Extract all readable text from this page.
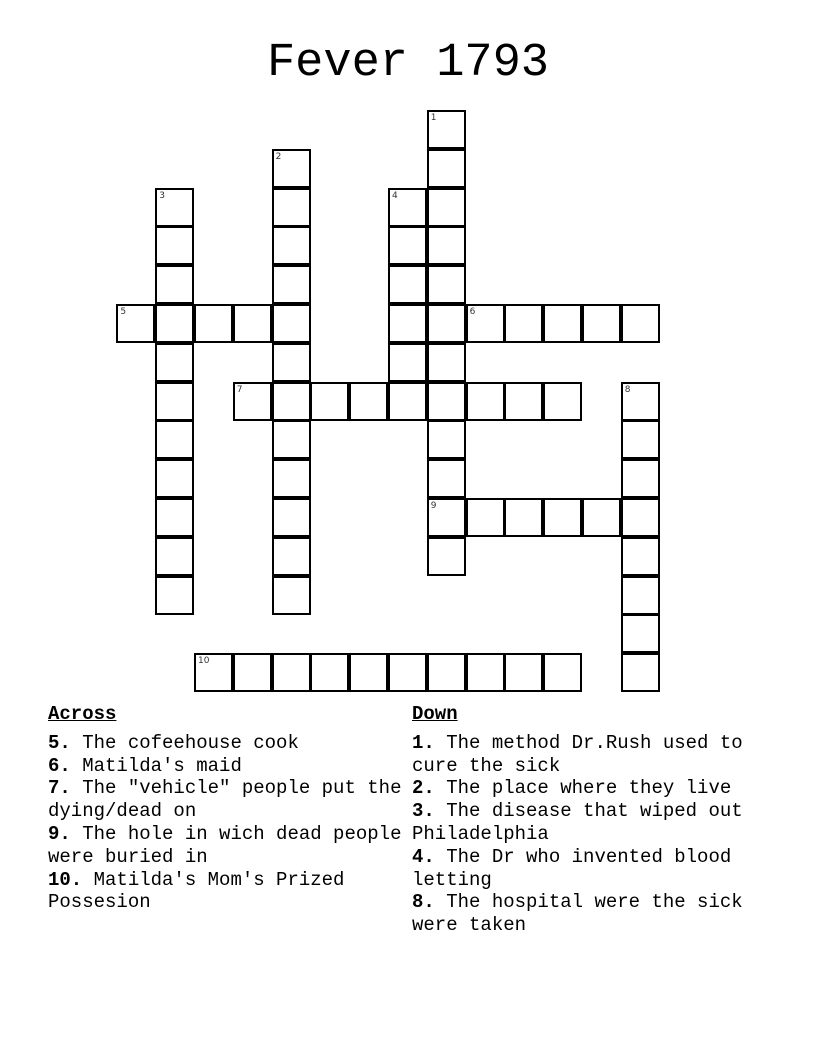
Fever 1793
1
9
2
3	4
5	6
7	8
10
Across
5. The cofeehouse cook
6. Matilda's maid
7. The "vehicle" people put the dying/dead on
9. The hole in wich dead people were buried in
10. Matilda's Mom's Prized Possesion
Down
1. The method Dr.Rush used to cure the sick
2. The place where they live
3. The disease that wiped out Philadelphia
4. The Dr who invented blood letting
8. The hospital were the sick were taken
